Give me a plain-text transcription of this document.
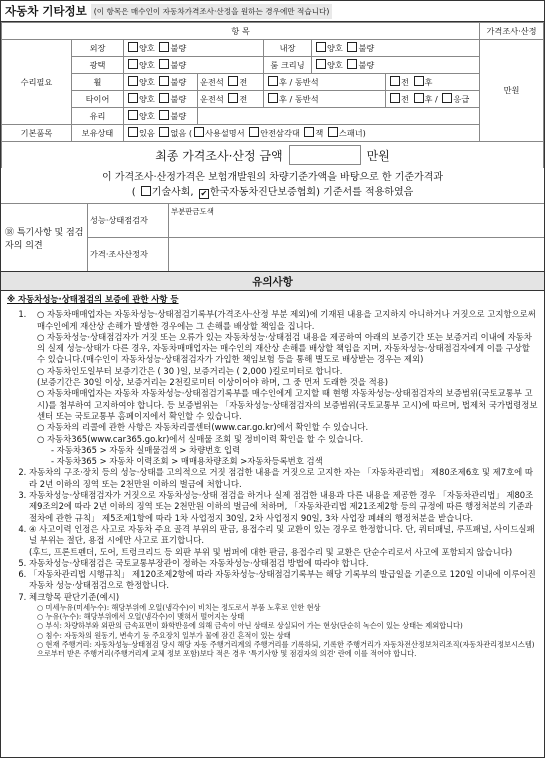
자동차 기타정보 (이 항목은 매수인이 자동차가격조사·산정을 원하는 경우에만 적습니다)
항 목							가격조사·산정
수리필요	외장	양호 불량		내장	양호 불량		만원
	광택	양호 불량		룸 크리닝	양호 불량		
	휠	양호 불량	운전석 전	후 / 동반석		전 후	
	타이어	양호 불량	운전석 전	후 / 동반석		전 후 / 응급	
	유리	양호 불량					
기본품목	보유상태	있음 없음 ( 사용설명서 안전삼각대 잭 스패너)					
최종 가격조사·산정 금액	만원
이 가격조사·산정가격은 보험개발원의 차량기준가액을 바탕으로 한 기준가격과
( 기술사회, ✔ 한국자동차진단보증협회) 기준서를 적용하였음
⑱ 특기사항 및 점검자의 의견
성능·상태점검자
부분판금도색
가격·조사산정자
유의사항
※ 자동차성능·상태점검의 보증에 관한 사항 등
1. ○ 자동차매매업자는 자동차성능·상태점검기록부(가격조사·산정 부분 제외)에 기재된 내용을 고지하지 아니하거나 거짓으로 고지함으로써 매수인에게 재산상 손해가 발생한 경우에는 그 손해를 배상할 책임을 집니다.
○ 자동차성능·상태점검자가 거짓 또는 오류가 있는 자동차성능·상태점검 내용을 제공하여 아래의 보증기간 또는 보증거리 이내에 자동차의 실제 성능·상태가 다른 경우, 자동차매매업자는 매수인의 재산상 손해를 배상할 책임을 지며, 자동차성능·상태점검자에게 이를 구상할 수 있습니다.(매수인이 자동차성능·상태점검자가 가입한 책임보험 등을 통해 별도로 배상받는 경우는 제외)
○ 자동차인도일부터 보증기간은 ( 30 )일, 보증거리는 ( 2,000 )킬로미터로 합니다.
(보증기간은 30일 이상, 보증거리는 2천킬로미터 이상이어야 하며, 그 중 먼저 도래한 것을 적용)
○ 자동차매매업자는 자동차 자동차성능·상태점검기록부를 매수인에게 고지할 때 현행 자동차성능·상태점검자의 보증범위(국토교통부 고시)를 첨부하여 고지하여야 합니다. 등 보증범위는 「자동차성능·상태점검자의 보증범위(국토교통부 고시)에 따르며, 법제처 국가법령정보센터 또는 국토교통부 홈페이지에서 확인할 수 있습니다.
○ 자동차의 리콜에 관한 사항은 자동차리콜센터(www.car.go.kr)에서 확인할 수 있습니다.
○ 자동차365(www.car365.go.kr)에서 실매물 조회 및 정비이력 확인을 할 수 있습니다.
- 자동차365 > 자동차 실매물검색 > 차량번호 입력
- 자동차365 > 자동차 이력조회 > 매매용차량조회 >자동차등록번호 검색
2. 자동차의 구조·장치 등의 성능·상태를 고의적으로 거짓 점검한 내용을 거짓으로 고지한 자는 「자동차관리법」 제80조제6호 및 제7호에 따라 2년 이하의 징역 또는 2천만원 이하의 벌금에 처합니다.
3. 자동차성능·상태점검자가 거짓으로 자동차성능·상태 점검을 하거나 실제 점검한 내용과 다른 내용을 제공한 경우 「자동차관리법」 제80조제9조의2에 따라 2년 이하의 징역 또는 2천만원 이하의 벌금에 처하며, 「자동차관리법 제21조제2항 등의 규정에 따른 행정처분의 기준과 절차에 관한 규칙」 제5조제1항에 따라 1차 사업정지 30일, 2차 사업정지 90일, 3차 사업장 폐쇄의 행정처분을 받습니다.
4. ④ 사고이력 인정은 사고로 자동차 주요 골격 부위의 판금, 용접수리 및 교환이 있는 경우로 한정합니다. 단, 쿼터패널, 루프패널, 사이드실패널 부위는 절단, 용접 시에만 사고로 표기합니다.
(후드, 프론트펜더, 도어, 트렁크리드 등 외판 부위 및 범퍼에 대한 판금, 용접수리 및 교환은 단순수리로서 사고에 포함되지 않습니다)
5. 자동차성능·상태점검은 국토교통부장관이 정하는 자동차성능·상태점검 방법에 따라야 합니다.
6. 「자동차관리법 시행규칙」 제120조제2항에 따라 자동차성능·상태점검기록부는 해당 기록부의 발급일을 기준으로 120일 이내에 이루어진 자동차 성능·상태점검으로 한정합니다.
7. 체크항목 판단기준(예시)
○ 미세누유(미세누수): 해당부위에 오일(냉각수)이 비치는 정도로서 부품 노후로 인한 현상
○ 누유(누수): 해당부위에서 오일(냉각수)이 맺혀서 떨어지는 상태
○ 부식: 차량하부와 외판의 금속표면이 화학반응에 의해 금속이 아닌 상태로 상실되어 가는 현상(단순히 녹슨이 있는 상태는 제외합니다)
○ 침수: 자동차의 원동기, 변속기 등 주요장치 일부가 물에 잠긴 흔적이 있는 상태
○ 현재 주행거리: 자동차성능·상태점검 당시 해당 자동 주행거리계의 주행거리를 기록하되, 기록한 주행거리가 자동차전산정보처리조직(자동차관리정보시스템)으로부터 받은 주행거리(주행거리계 교체 정보 포함)보다 적은 경우 '특기사항 및 점검자의 의견' 란에 이를 적어야 합니다.
